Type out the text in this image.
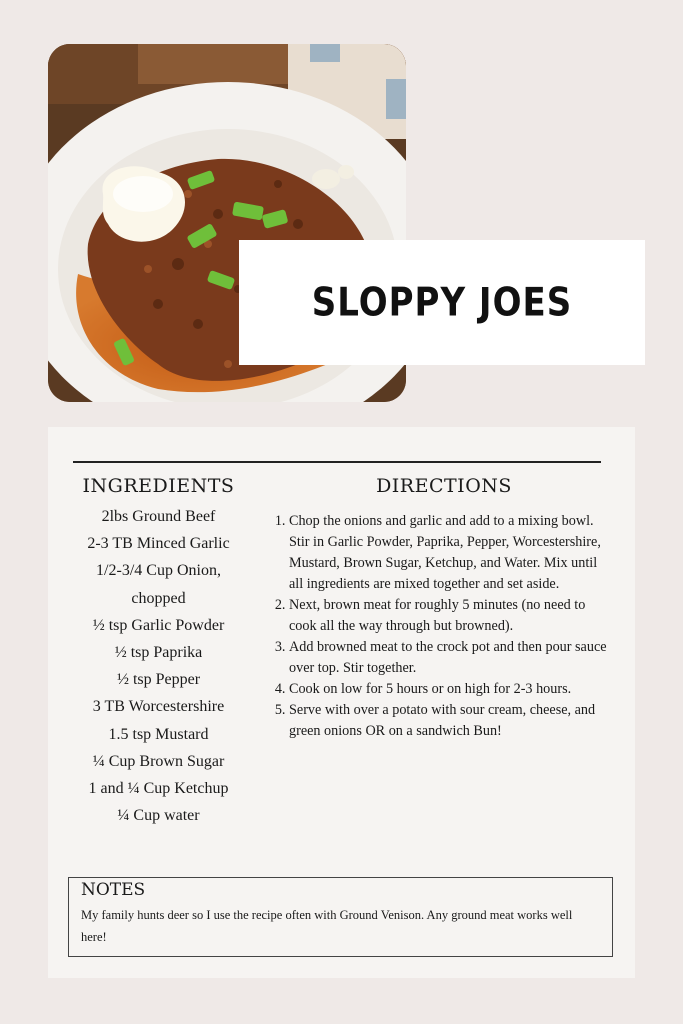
SLOPPY JOES
INGREDIENTS
2lbs Ground Beef
2-3 TB Minced Garlic
1/2-3/4 Cup Onion,
chopped
½ tsp Garlic Powder
½ tsp Paprika
½ tsp Pepper
3 TB Worcestershire
1.5 tsp Mustard
¼ Cup Brown Sugar
1 and ¼ Cup Ketchup
¼ Cup water
DIRECTIONS
1. Chop the onions and garlic and add to a mixing bowl. Stir in Garlic Powder, Paprika, Pepper, Worcestershire, Mustard, Brown Sugar, Ketchup, and Water. Mix until all ingredients are mixed together and set aside.
2. Next, brown meat for roughly 5 minutes (no need to cook all the way through but browned).
3. Add browned meat to the crock pot and then pour sauce over top. Stir together.
4. Cook on low for 5 hours or on high for 2-3 hours.
5. Serve with over a potato with sour cream, cheese, and green onions OR on a sandwich Bun!
NOTES

My family hunts deer so I use the recipe often with Ground Venison. Any ground meat works well here!
